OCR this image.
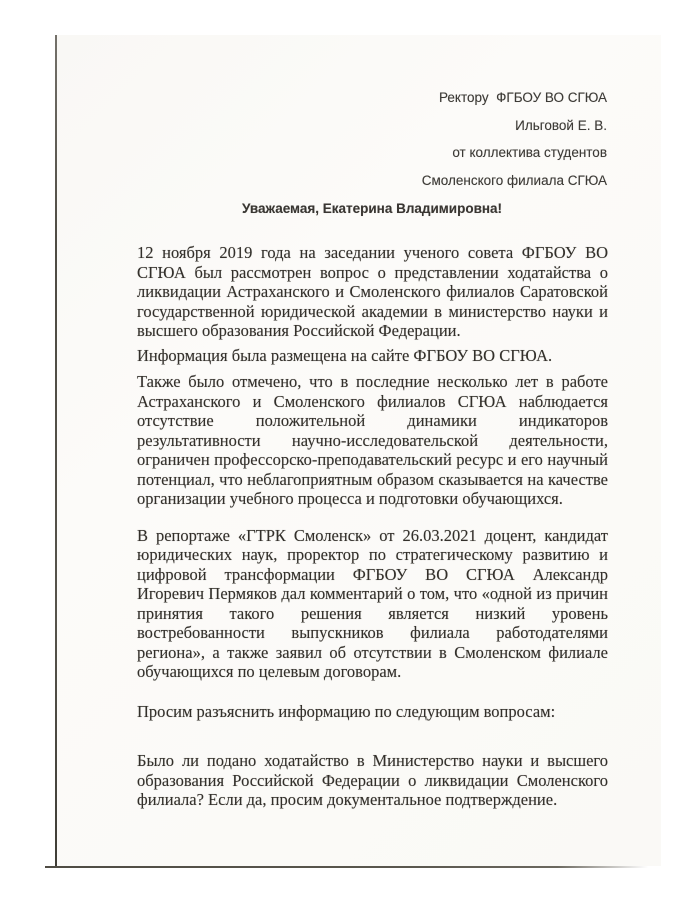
Ректору  ФГБОУ ВО СГЮА
Ильговой Е. В.
от коллектива студентов
Смоленского филиала СГЮА
Уважаемая, Екатерина Владимировна!

12 ноября 2019 года на заседании ученого совета ФГБОУ ВО СГЮА был рассмотрен вопрос о представлении ходатайства о ликвидации Астраханского и Смоленского филиалов Саратовской государственной юридической академии в министерство науки и высшего образования Российской Федерации.

Информация была размещена на сайте ФГБОУ ВО СГЮА.

Также было отмечено, что в последние несколько лет в работе Астраханского и Смоленского филиалов СГЮА наблюдается отсутствие положительной динамики индикаторов результативности научно-исследовательской деятельности, ограничен профессорско-преподавательский ресурс и его научный потенциал, что неблагоприятным образом сказывается на качестве организации учебного процесса и подготовки обучающихся.

В репортаже «ГТРК Смоленск» от 26.03.2021 доцент, кандидат юридических наук, проректор по стратегическому развитию и цифровой трансформации ФГБОУ ВО СГЮА Александр Игоревич Пермяков дал комментарий о том, что «одной из причин принятия такого решения является низкий уровень востребованности выпускников филиала работодателями региона», а также заявил об отсутствии в Смоленском филиале обучающихся по целевым договорам.

Просим разъяснить информацию по следующим вопросам:

Было ли подано ходатайство в Министерство науки и высшего образования Российской Федерации о ликвидации Смоленского филиала? Если да, просим документальное подтверждение.
